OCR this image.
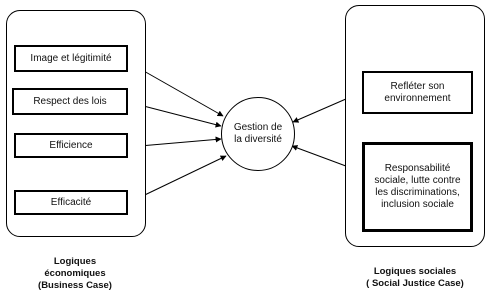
Image et légitimité
Respect des lois
Efficience
Efficacité
Refléter son environnement
Responsabilité sociale, lutte contre les discriminations, inclusion sociale
Gestion de la diversité
Logiques
économiques
(Business Case)
Logiques sociales
( Social Justice Case)
